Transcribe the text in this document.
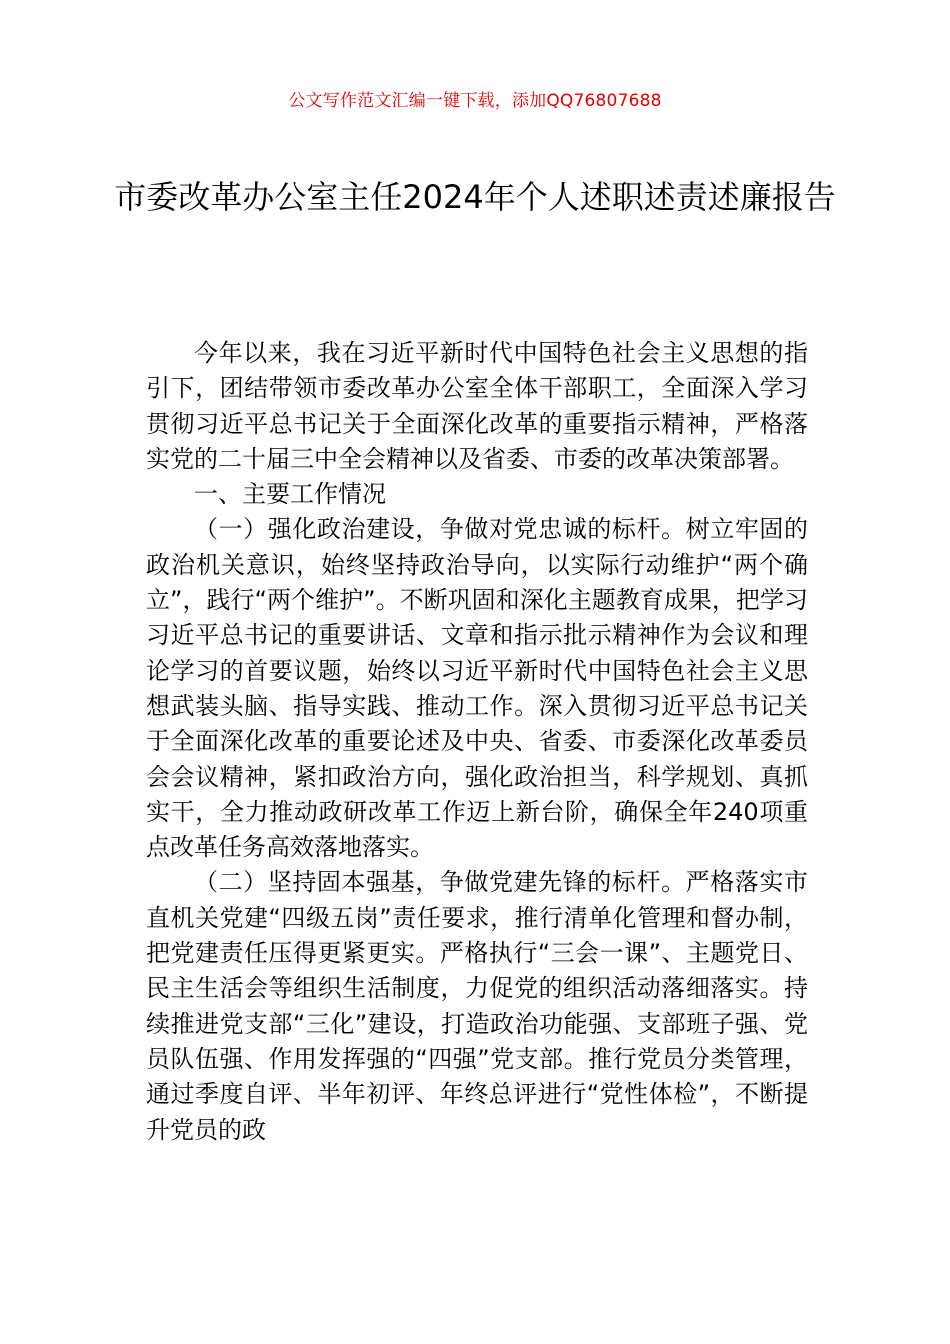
公文写作范文汇编一键下载，添加QQ76807688
市委改革办公室主任2024年个人述职述责述廉报告

今年以来，我在习近平新时代中国特色社会主义思想的指引下，团结带领市委改革办公室全体干部职工，全面深入学习贯彻习近平总书记关于全面深化改革的重要指示精神，严格落实党的二十届三中全会精神以及省委、市委的改革决策部署。

一、主要工作情况

（一）强化政治建设，争做对党忠诚的标杆。树立牢固的政治机关意识，始终坚持政治导向，以实际行动维护“两个确立”，践行“两个维护”。不断巩固和深化主题教育成果，把学习习近平总书记的重要讲话、文章和指示批示精神作为会议和理论学习的首要议题，始终以习近平新时代中国特色社会主义思想武装头脑、指导实践、推动工作。深入贯彻习近平总书记关于全面深化改革的重要论述及中央、省委、市委深化改革委员会会议精神，紧扣政治方向，强化政治担当，科学规划、真抓实干，全力推动政研改革工作迈上新台阶，确保全年240项重点改革任务高效落地落实。

（二）坚持固本强基，争做党建先锋的标杆。严格落实市直机关党建“四级五岗”责任要求，推行清单化管理和督办制，把党建责任压得更紧更实。严格执行“三会一课”、主题党日、民主生活会等组织生活制度，力促党的组织活动落细落实。持续推进党支部“三化”建设，打造政治功能强、支部班子强、党员队伍强、作用发挥强的“四强”党支部。推行党员分类管理，通过季度自评、半年初评、年终总评进行“党性体检”，不断提升党员的政
